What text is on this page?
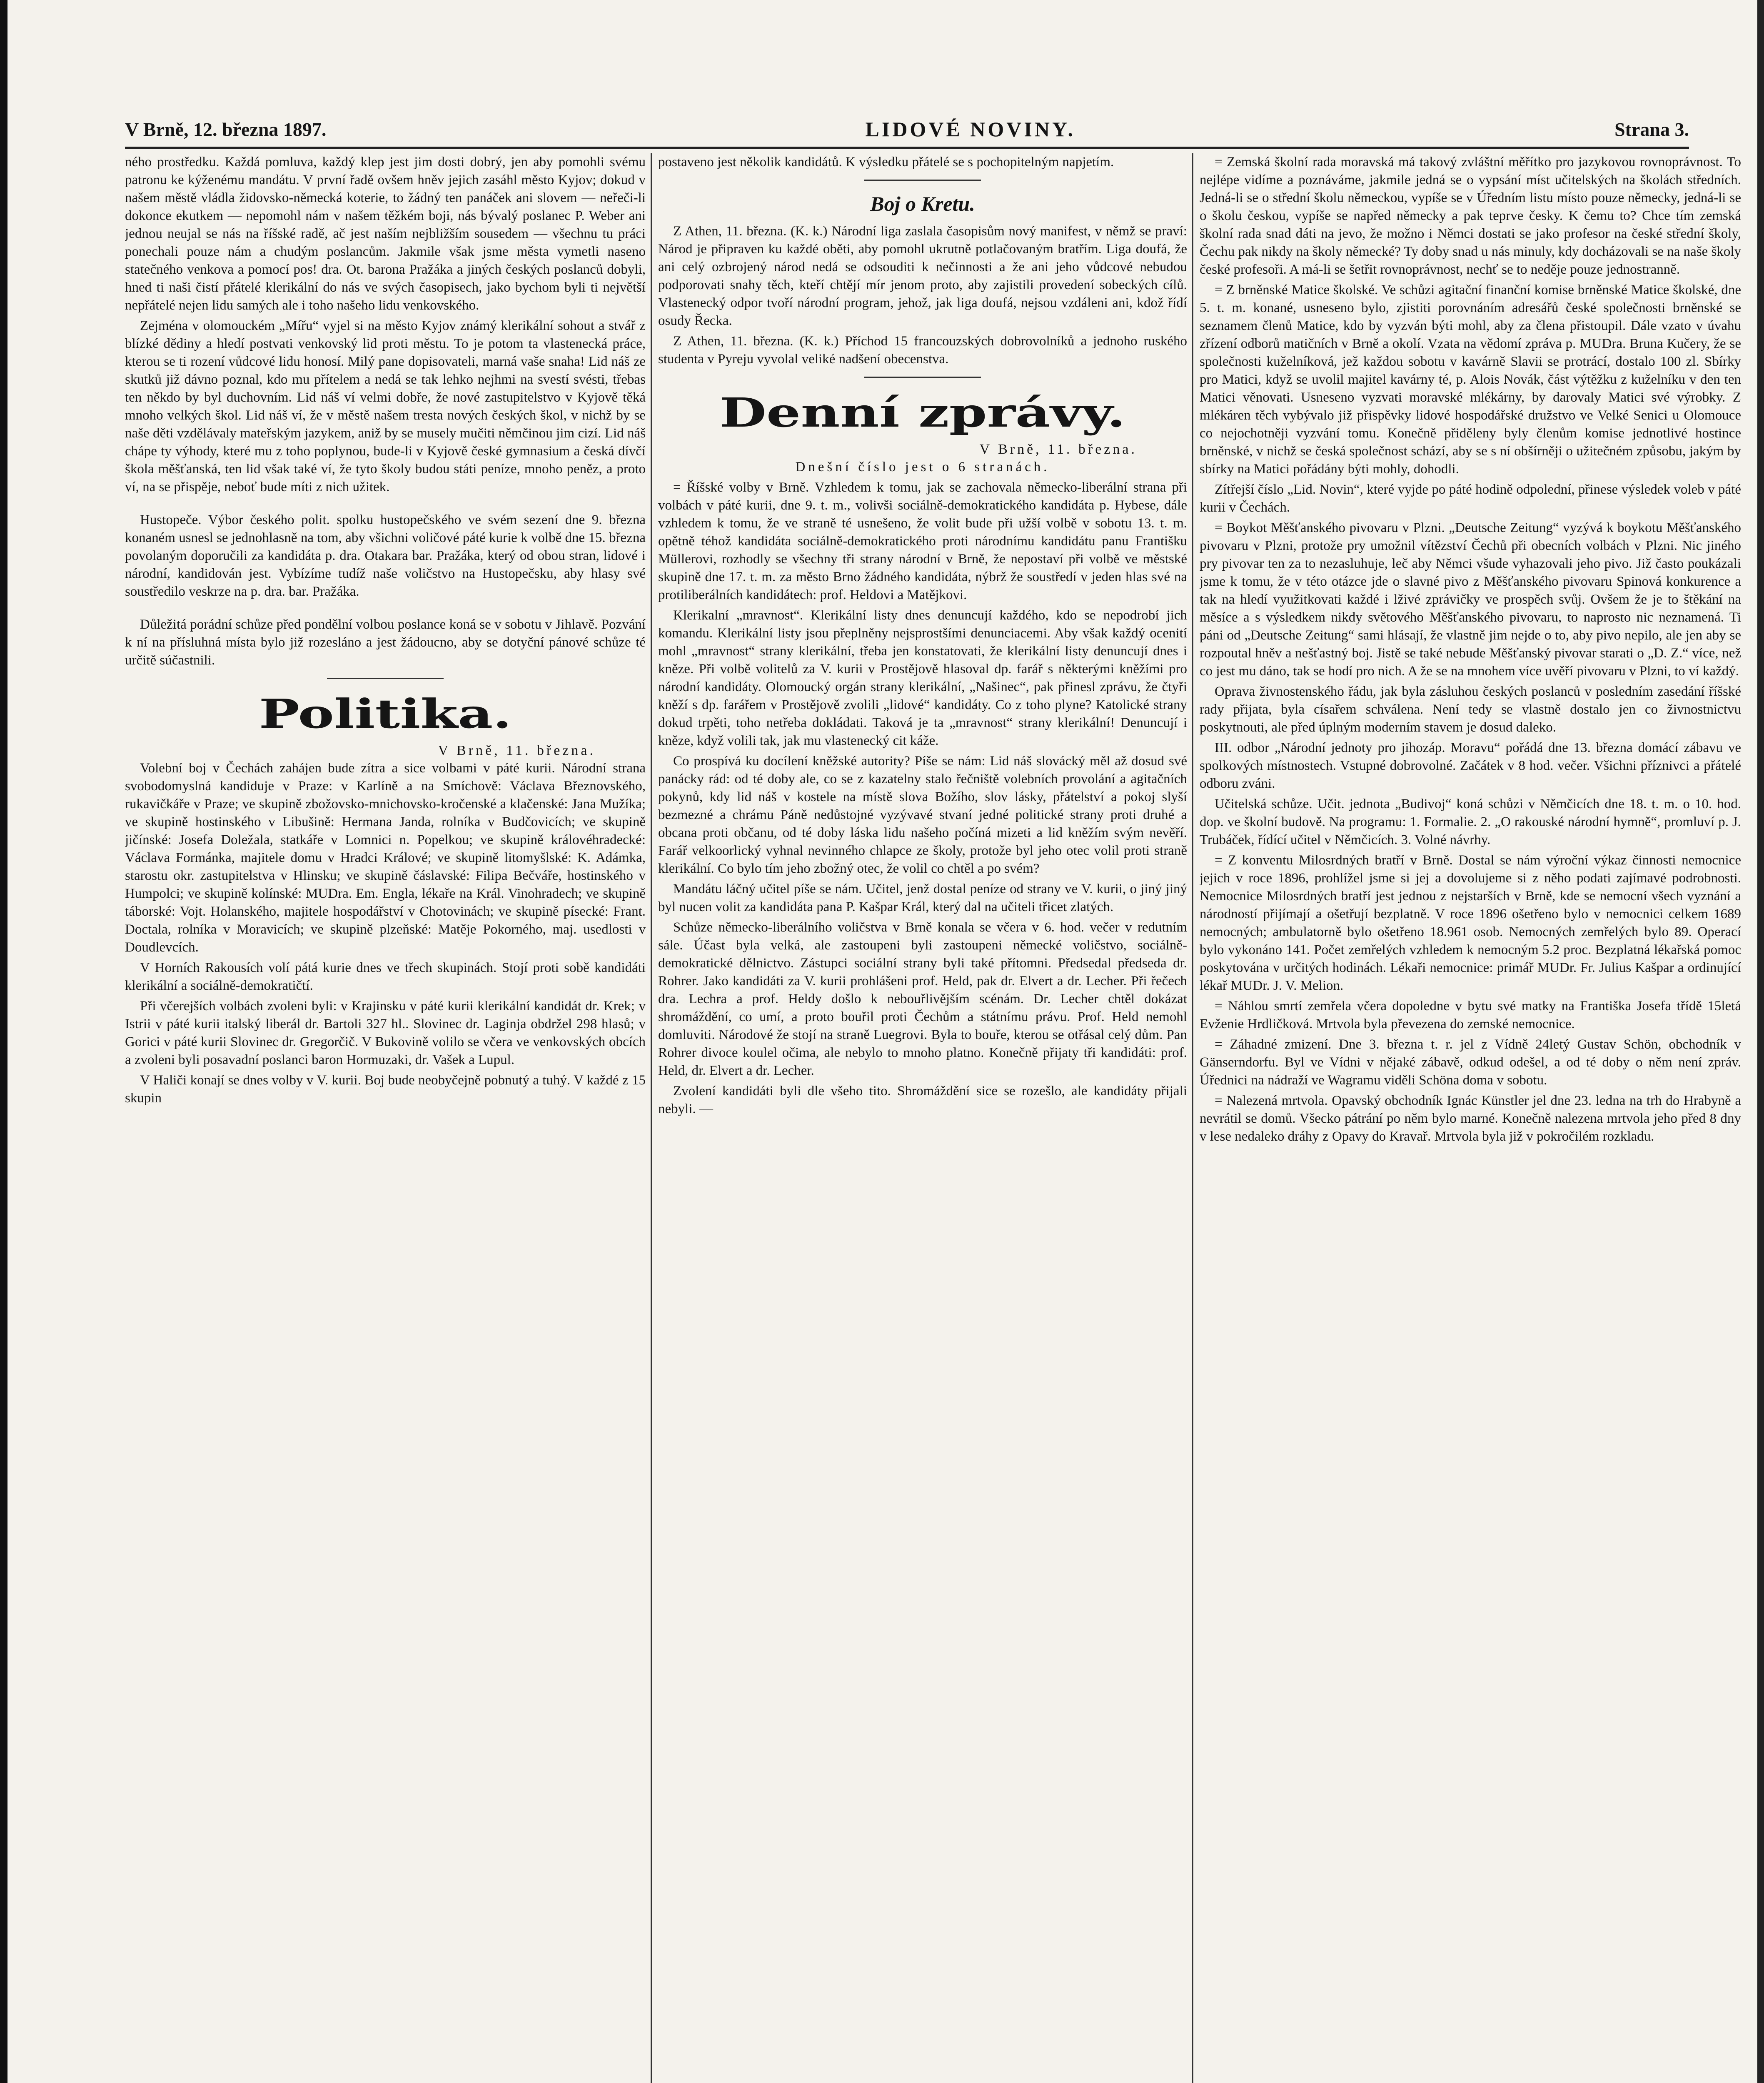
V Brně, 12. března 1897.	LIDOVÉ NOVINY.	Strana 3.

ného prostředku. Každá pomluva, každý klep jest jim dosti dobrý, jen aby pomohli svému patronu ke kýženému mandátu. V první řadě ovšem hněv jejich zasáhl město Kyjov; dokud v našem městě vládla židovsko-německá koterie, to žádný ten panáček ani slovem — neřeči-li dokonce ekutkem — nepomohl nám v našem těžkém boji, nás bývalý poslanec P. Weber ani jednou neujal se nás na říšské radě, ač jest naším nejbližším sousedem — všechnu tu práci ponechali pouze nám a chudým poslancům. Jakmile však jsme města vymetli naseno statečného venkova a pomocí pos! dra. Ot. barona Pražáka a jiných českých poslanců dobyli, hned ti naši čistí přátelé klerikální do nás ve svých časopisech, jako bychom byli ti největší nepřátelé nejen lidu samých ale i toho našeho lidu venkovského.

Zejména v olomouckém „Mířu“ vyjel si na město Kyjov známý klerikální sohout a stvář z blízké dědiny a hledí postvati venkovský lid proti městu. To je potom ta vlastenecká práce, kterou se ti rození vůdcové lidu honosí. Milý pane dopisovateli, marná vaše snaha! Lid náš ze skutků již dávno poznal, kdo mu přítelem a nedá se tak lehko nejhmi na svestí svésti, třebas ten někdo by byl duchovním. Lid náš ví velmi dobře, že nové zastupitelstvo v Kyjově těká mnoho velkých škol. Lid náš ví, že v městě našem tresta nových českých škol, v nichž by se naše děti vzdělávaly mateřským jazykem, aniž by se musely mučiti němčinou jim cizí. Lid náš chápe ty výhody, které mu z toho poplynou, bude-li v Kyjově české gymnasium a česká dívčí škola měšťanská, ten lid však také ví, že tyto školy budou státi peníze, mnoho peněz, a proto ví, na se přispěje, neboť bude míti z nich užitek.

Hustopeče. Výbor českého polit. spolku hustopečského ve svém sezení dne 9. března konaném usnesl se jednohlasně na tom, aby všichni voličové páté kurie k volbě dne 15. března povolaným doporučili za kandidáta p. dra. Otakara bar. Pražáka, který od obou stran, lidové i národní, kandidován jest. Vybízíme tudíž naše voličstvo na Hustopečsku, aby hlasy své soustředilo veskrze na p. dra. bar. Pražáka.

Důležitá porádní schůze před pondělní volbou poslance koná se v sobotu v Jihlavě. Pozvání k ní na přísluhná místa bylo již rozesláno a jest žádoucno, aby se dotyční pánové schůze té určitě súčastnili.

Politika.
V Brně, 11. března.

Volební boj v Čechách zahájen bude zítra a sice volbami v páté kurii. Národní strana svobodomyslná kandiduje v Praze: v Karlíně a na Smíchově: Václava Březnovského, rukavičkáře v Praze; ve skupině zbožovsko-mnichovsko-kročenské a klačenské: Jana Mužíka; ve skupině hostinského v Libušině: Hermana Janda, rolníka v Budčovicích; ve skupině jičínské: Josefa Doležala, statkáře v Lomnici n. Popelkou; ve skupině královéhradecké: Václava Formánka, majitele domu v Hradci Králové; ve skupině litomyšlské: K. Adámka, starostu okr. zastupitelstva v Hlinsku; ve skupině čáslavské: Filipa Bečváře, hostinského v Humpolci; ve skupině kolínské: MUDra. Em. Engla, lékaře na Král. Vinohradech; ve skupině táborské: Vojt. Holanského, majitele hospodářství v Chotovinách; ve skupině písecké: Frant. Doctala, rolníka v Moravicích; ve skupině plzeňské: Matěje Pokorného, maj. usedlosti v Doudlevcích.

V Horních Rakousích volí pátá kurie dnes ve třech skupinách. Stojí proti sobě kandidáti klerikální a sociálně-demokratičtí.

Při včerejších volbách zvoleni byli: v Krajinsku v páté kurii klerikální kandidát dr. Krek; v Istrii v páté kurii italský liberál dr. Bartoli 327 hl.. Slovinec dr. Laginja obdržel 298 hlasů; v Gorici v páté kurii Slovinec dr. Gregorčič. V Bukovině volilo se včera ve venkovských obcích a zvoleni byli posavadní poslanci baron Hormuzaki, dr. Vašek a Lupul.

V Haliči konají se dnes volby v V. kurii. Boj bude neobyčejně pobnutý a tuhý. V každé z 15 skupin

postaveno jest několik kandidátů. K výsledku přátelé se s pochopitelným napjetím.

Boj o Kretu.

Z Athen, 11. března. (K. k.) Národní liga zaslala časopisům nový manifest, v němž se praví: Národ je připraven ku každé oběti, aby pomohl ukrutně potlačovaným bratřím. Liga doufá, že ani celý ozbrojený národ nedá se odsouditi k nečinnosti a že ani jeho vůdcové nebudou podporovati snahy těch, kteří chtějí mír jenom proto, aby zajistili provedení sobeckých cílů. Vlastenecký odpor tvoří národní program, jehož, jak liga doufá, nejsou vzdáleni ani, kdož řídí osudy Řecka.

Z Athen, 11. března. (K. k.) Příchod 15 francouzských dobrovolníků a jednoho ruského studenta v Pyreju vyvolal veliké nadšení obecenstva.

Denní zprávy.
V Brně, 11. března.

Dnešní číslo jest o 6 stranách.

= Říšské volby v Brně. Vzhledem k tomu, jak se zachovala německo-liberální strana při volbách v páté kurii, dne 9. t. m., volivši sociálně-demokratického kandidáta p. Hybese, dále vzhledem k tomu, že ve straně té usnešeno, že volit bude při užší volbě v sobotu 13. t. m. opětně téhož kandidáta sociálně-demokratického proti národnímu kandidátu panu Františku Müllerovi, rozhodly se všechny tři strany národní v Brně, že nepostaví při volbě ve městské skupině dne 17. t. m. za město Brno žádného kandidáta, nýbrž že soustředí v jeden hlas své na protiliberálních kandidátech: prof. Heldovi a Matějkovi.

Klerikalní „mravnost“. Klerikální listy dnes denuncují každého, kdo se nepodrobí jich komandu. Klerikální listy jsou přeplněny nejsprostšími denunciacemi. Aby však každý ocenití mohl „mravnost“ strany klerikální, třeba jen konstatovati, že klerikální listy denuncují dnes i kněze. Při volbě volitelů za V. kurii v Prostějově hlasoval dp. farář s některými kněžími pro národní kandidáty. Olomoucký orgán strany klerikální, „Našinec“, pak přinesl zprávu, že čtyři kněží s dp. farářem v Prostějově zvolili „lidové“ kandidáty. Co z toho plyne? Katolické strany dokud trpěti, toho netřeba dokládati. Taková je ta „mravnost“ strany klerikální! Denuncují i kněze, když volili tak, jak mu vlastenecký cit káže.

Co prospívá ku docílení kněžské autority? Píše se nám: Lid náš slovácký měl až dosud své panácky rád: od té doby ale, co se z kazatelny stalo řečniště volebních provolání a agitačních pokynů, kdy lid náš v kostele na místě slova Božího, slov lásky, přátelství a pokoj slyší bezmezné a chrámu Páně nedůstojné vyzývavé stvaní jedné politické strany proti druhé a obcana proti občanu, od té doby láska lidu našeho počíná mizeti a lid kněžím svým nevěří. Farář velkoorlický vyhnal nevinného chlapce ze školy, protože byl jeho otec volil proti straně klerikální. Co bylo tím jeho zbožný otec, že volil co chtěl a po svém?

Mandátu láčný učitel píše se nám. Učitel, jenž dostal peníze od strany ve V. kurii, o jiný jiný byl nucen volit za kandidáta pana P. Kašpar Král, který dal na učiteli třicet zlatých.

Schůze německo-liberálního voličstva v Brně konala se včera v 6. hod. večer v redutním sále. Účast byla velká, ale zastoupeni byli zastoupeni německé voličstvo, sociálně-demokratické dělnictvo. Zástupci sociální strany byli také přítomni. Předsedal předseda dr. Rohrer. Jako kandidáti za V. kurii prohlášeni prof. Held, pak dr. Elvert a dr. Lecher. Při řečech dra. Lechra a prof. Heldy došlo k nebouřlivějším scénám. Dr. Lecher chtěl dokázat shromáždění, co umí, a proto bouřil proti Čechům a státnímu právu. Prof. Held nemohl domluviti. Národové že stojí na straně Luegrovi. Byla to bouře, kterou se otřásal celý dům. Pan Rohrer divoce koulel očima, ale nebylo to mnoho platno. Konečně přijaty tři kandidáti: prof. Held, dr. Elvert a dr. Lecher.

Zvolení kandidáti byli dle všeho tito. Shromáždění sice se rozešlo, ale kandidáty přijali nebyli. —

= Zemská školní rada moravská má takový zvláštní měřítko pro jazykovou rovnoprávnost. To nejlépe vidíme a poznáváme, jakmile jedná se o vypsání míst učitelských na školách středních. Jedná-li se o střední školu německou, vypíše se v Úředním listu místo pouze německy, jedná-li se o školu českou, vypíše se napřed německy a pak teprve česky. K čemu to? Chce tím zemská školní rada snad dáti na jevo, že možno i Němci dostati se jako profesor na české střední školy, Čechu pak nikdy na školy německé? Ty doby snad u nás minuly, kdy docházovali se na naše školy české profesoři. A má-li se šetřit rovnoprávnost, nechť se to neděje pouze jednostranně.

= Z brněnské Matice školské. Ve schůzi agitační finanční komise brněnské Matice školské, dne 5. t. m. konané, usneseno bylo, zjistiti porovnáním adresářů české společnosti brněnské se seznamem členů Matice, kdo by vyzván býti mohl, aby za člena přistoupil. Dále vzato v úvahu zřízení odborů matičních v Brně a okolí. Vzata na vědomí zpráva p. MUDra. Bruna Kučery, že se společnosti kuželníková, jež každou sobotu v kavárně Slavii se protrácí, dostalo 100 zl. Sbírky pro Matici, když se uvolil majitel kavárny té, p. Alois Novák, část výtěžku z kuželníku v den ten Matici věnovati. Usneseno vyzvati moravské mlékárny, by darovaly Matici své výrobky. Z mlékáren těch vybývalo již přispěvky lidové hospodářské družstvo ve Velké Senici u Olomouce co nejochotněji vyzvání tomu. Konečně přiděleny byly členům komise jednotlivé hostince brněnské, v nichž se česká společnost schází, aby se s ní obšírněji o užitečném způsobu, jakým by sbírky na Matici pořádány býti mohly, dohodli.

Zítřejší číslo „Lid. Novin“, které vyjde po páté hodině odpolední, přinese výsledek voleb v páté kurii v Čechách.

= Boykot Měšťanského pivovaru v Plzni. „Deutsche Zeitung“ vyzývá k boykotu Měšťanského pivovaru v Plzni, protože pry umožnil vítězství Čechů při obecních volbách v Plzni. Nic jiného pry pivovar ten za to nezasluhuje, leč aby Němci všude vyhazovali jeho pivo. Již často poukázali jsme k tomu, že v této otázce jde o slavné pivo z Měšťanského pivovaru Spinová konkurence a tak na hledí využitkovati každé i lživé zprávičky ve prospěch svůj. Ovšem že je to štěkání na měsíce a s výsledkem nikdy světového Měšťanského pivovaru, to naprosto nic neznamená. Ti páni od „Deutsche Zeitung“ sami hlásají, že vlastně jim nejde o to, aby pivo nepilo, ale jen aby se rozpoutal hněv a nešťastný boj. Jistě se také nebude Měšťanský pivovar starati o „D. Z.“ více, než co jest mu dáno, tak se hodí pro nich. A že se na mnohem více uvěří pivovaru v Plzni, to ví každý.

Oprava živnostenského řádu, jak byla zásluhou českých poslanců v posledním zasedání říšské rady přijata, byla císařem schválena. Není tedy se vlastně dostalo jen co živnostnictvu poskytnouti, ale před úplným moderním stavem je dosud daleko.

III. odbor „Národní jednoty pro jihozáp. Moravu“ pořádá dne 13. března domácí zábavu ve spolkových místnostech. Vstupné dobrovolné. Začátek v 8 hod. večer. Všichni příznivci a přátelé odboru zváni.

Učitelská schůze. Učit. jednota „Budivoj“ koná schůzi v Němčicích dne 18. t. m. o 10. hod. dop. ve školní budově. Na programu: 1. Formalie. 2. „O rakouské národní hymně“, promluví p. J. Trubáček, řídící učitel v Němčicích. 3. Volné návrhy.

= Z konventu Milosrdných bratří v Brně. Dostal se nám výroční výkaz činnosti nemocnice jejich v roce 1896, prohlížel jsme si jej a dovolujeme si z něho podati zajímavé podrobnosti. Nemocnice Milosrdných bratří jest jednou z nejstarších v Brně, kde se nemocní všech vyznání a národností přijímají a ošetřují bezplatně. V roce 1896 ošetřeno bylo v nemocnici celkem 1689 nemocných; ambulatorně bylo ošetřeno 18.961 osob. Nemocných zemřelých bylo 89. Operací bylo vykonáno 141. Počet zemřelých vzhledem k nemocným 5.2 proc. Bezplatná lékařská pomoc poskytována v určitých hodinách. Lékaři nemocnice: primář MUDr. Fr. Julius Kašpar a ordinující lékař MUDr. J. V. Melion.

= Náhlou smrtí zemřela včera dopoledne v bytu své matky na Františka Josefa třídě 15letá Evženie Hrdličková. Mrtvola byla převezena do zemské nemocnice.

= Záhadné zmizení. Dne 3. března t. r. jel z Vídně 24letý Gustav Schön, obchodník v Gänserndorfu. Byl ve Vídni v nějaké zábavě, odkud odešel, a od té doby o něm není zpráv. Úřednici na nádraží ve Wagramu viděli Schöna doma v sobotu.

= Nalezená mrtvola. Opavský obchodník Ignác Künstler jel dne 23. ledna na trh do Hrabyně a nevrátil se domů. Všecko pátrání po něm bylo marné. Konečně nalezena mrtvola jeho před 8 dny v lese nedaleko dráhy z Opavy do Kravař. Mrtvola byla již v pokročilém rozkladu.
